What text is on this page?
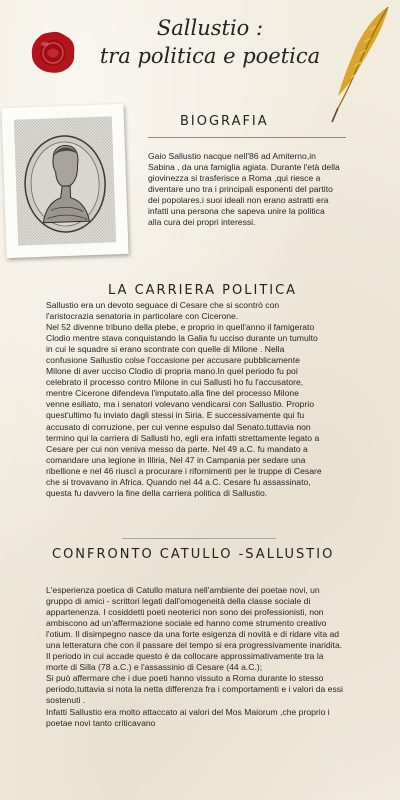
Sallustio :
tra politica e poetica
BIOGRAFIA
Gaio Sallustio nacque nell'86 ad Amiterno,in
Sabina , da una famiglia agiata. Durante l'età della
giovinezza si trasferisce a Roma ,qui riesce a
diventare uno tra i principali esponenti del partito
dei popolares.i suoi ideali non erano astratti era
infatti una persona che sapeva unire la politica
alla cura dei propri interessi.
LA CARRIERA POLITICA
Sallustio era un devoto seguace di Cesare che si scontrò con
l'aristocrazia senatoria in particolare con Cicerone.
Nel 52 divenne tribuno della plebe, e proprio in quell'anno il famigerato
Clodio mentre stava conquistando la Galia fu ucciso durante un tumulto
in cui le squadre si erano scontrate con quelle di Milone . Nella
confusione Sallustio colse l'occasione per accusare pubblicamente
Milone di aver ucciso Clodio di propria mano.In quel periodo fu poi
celebrato il processo contro Milone in cui Sallusti ho fu l'accusatore,
mentre Cicerone difendeva l'imputato.alla fine del processo Milone
venne esiliato, ma i senatori volevano vendicarsi con Sallustio. Proprio
quest'ultimo fu inviato dagli stessi in Siria. E successivamente qui fu
accusato di corruzione, per cui venne espulso dal Senato.tuttavia non
termino qui la carriera di Sallusti ho, egli era infatti strettamente legato a
Cesare per cui non veniva messo da parte. Nel 49 a.C. fu mandato a
comandare una legione in Illiria, Nel 47 in Campania per sedare una
ribellione e nel 46 riuscì a procurare i rifornimenti per le truppe di Cesare
che si trovavano in Africa. Quando nel 44 a.C. Cesare fu assassinato,
questa fu davvero la fine della carriera politica di Sallustio.
CONFRONTO CATULLO -SALLUSTIO
L'esperienza poetica di Catullo matura nell'ambiente dei poetae novi, un
gruppo di amici - scrittori legati dall'omogeneità della classe sociale di
appartenenza. I cosiddetti poeti neoterici non sono dei professionisti, non
ambiscono ad un'affermazione sociale ed hanno come strumento creativo
l'otium. Il disimpegno nasce da una forte esigenza di novità e di ridare vita ad
una letteratura che con il passare del tempo si era progressivamente inaridita.
Il periodo in cui accade questo è da collocare approssimativamente tra la
morte di Silla (78 a.C.) e l'assassinio di Cesare (44 a.C.);
Si può affermare che i due poeti hanno vissuto a Roma durante lo stesso
periodo,tuttavia si nota la netta differenza fra i comportamenti e i valori da essi
sostenuti .
Infatti Sallustio era molto attaccato ai valori del Mos Maiorum ,che proprio i
poetae novi tanto criticavano
